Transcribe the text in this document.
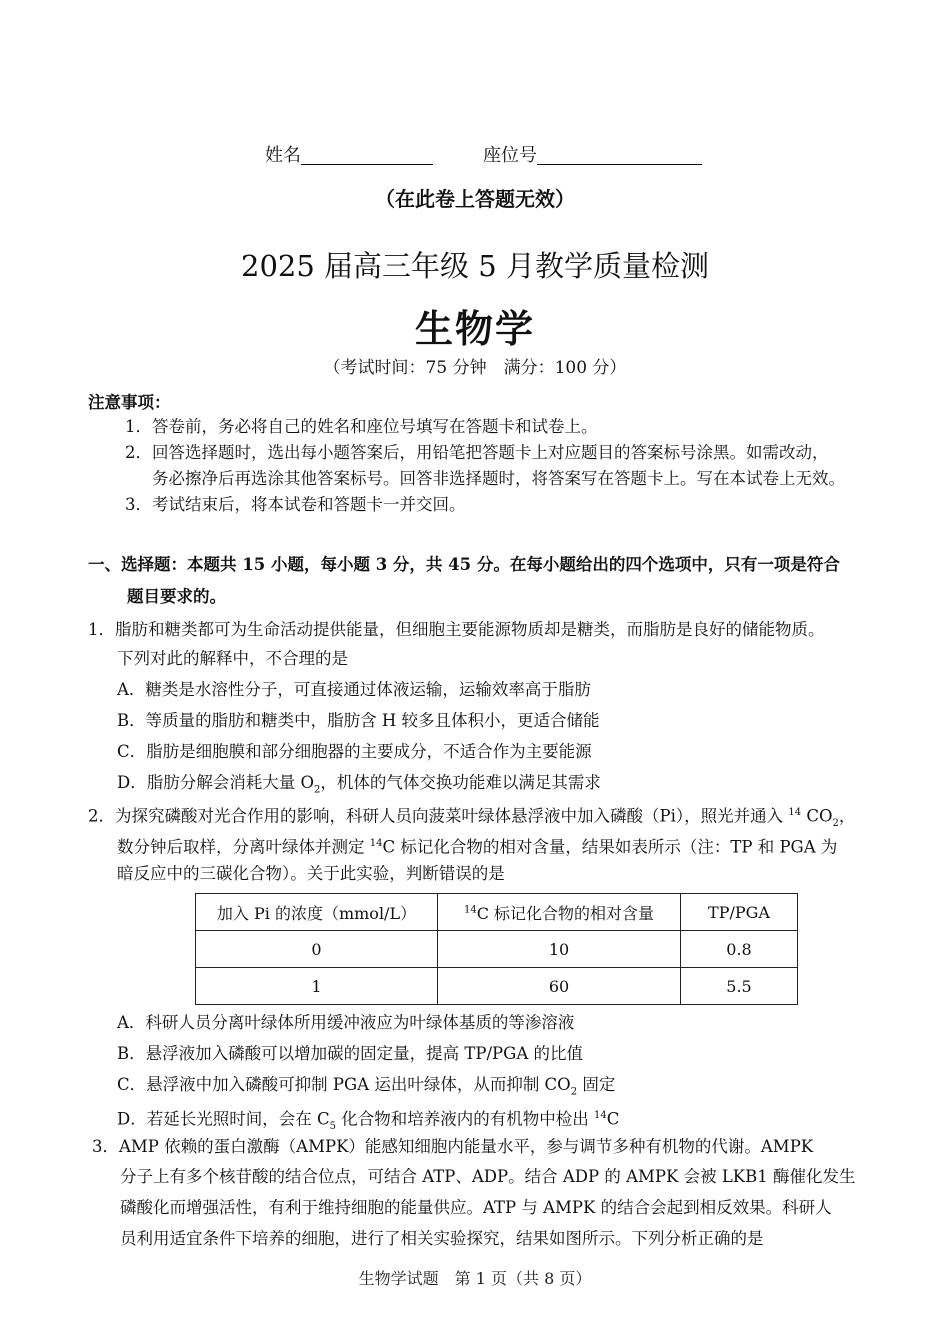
姓名	座位号
（在此卷上答题无效）
2025 届高三年级 5 月教学质量检测
生物学
（考试时间：75 分钟　满分：100 分）
注意事项：
1．答卷前，务必将自己的姓名和座位号填写在答题卡和试卷上。
2．回答选择题时，选出每小题答案后，用铅笔把答题卡上对应题目的答案标号涂黑。如需改动，
务必擦净后再选涂其他答案标号。回答非选择题时，将答案写在答题卡上。写在本试卷上无效。
3．考试结束后，将本试卷和答题卡一并交回。
一、选择题：本题共 15 小题，每小题 3 分，共 45 分。在每小题给出的四个选项中，只有一项是符合
题目要求的。
1．脂肪和糖类都可为生命活动提供能量，但细胞主要能源物质却是糖类，而脂肪是良好的储能物质。
下列对此的解释中，不合理的是
A．糖类是水溶性分子，可直接通过体液运输，运输效率高于脂肪
B．等质量的脂肪和糖类中，脂肪含 H 较多且体积小，更适合储能
C．脂肪是细胞膜和部分细胞器的主要成分，不适合作为主要能源
D．脂肪分解会消耗大量 $O_2$，机体的气体交换功能难以满足其需求
2．为探究磷酸对光合作用的影响，科研人员向菠菜叶绿体悬浮液中加入磷酸（Pi），照光并通入 $^{14}$ $CO_2$，
数分钟后取样，分离叶绿体并测定 $^{14}$C 标记化合物的相对含量，结果如表所示（注：TP 和 PGA 为
暗反应中的三碳化合物）。关于此实验，判断错误的是
加入 Pi 的浓度（mmol/L）	$^{14}$C 标记化合物的相对含量	TP/PGA
0	10	0.8
1	60	5.5
A．科研人员分离叶绿体所用缓冲液应为叶绿体基质的等渗溶液
B．悬浮液加入磷酸可以增加碳的固定量，提高 TP/PGA 的比值
C．悬浮液中加入磷酸可抑制 PGA 运出叶绿体，从而抑制 $CO_2$ 固定
D．若延长光照时间，会在 $C_5$ 化合物和培养液内的有机物中检出 $^{14}$C
3．AMP 依赖的蛋白激酶（AMPK）能感知细胞内能量水平，参与调节多种有机物的代谢。AMPK
分子上有多个核苷酸的结合位点，可结合 ATP、ADP。结合 ADP 的 AMPK 会被 LKB1 酶催化发生
磷酸化而增强活性，有利于维持细胞的能量供应。ATP 与 AMPK 的结合会起到相反效果。科研人
员利用适宜条件下培养的细胞，进行了相关实验探究，结果如图所示。下列分析正确的是
生物学试题　第 1 页（共 8 页）
